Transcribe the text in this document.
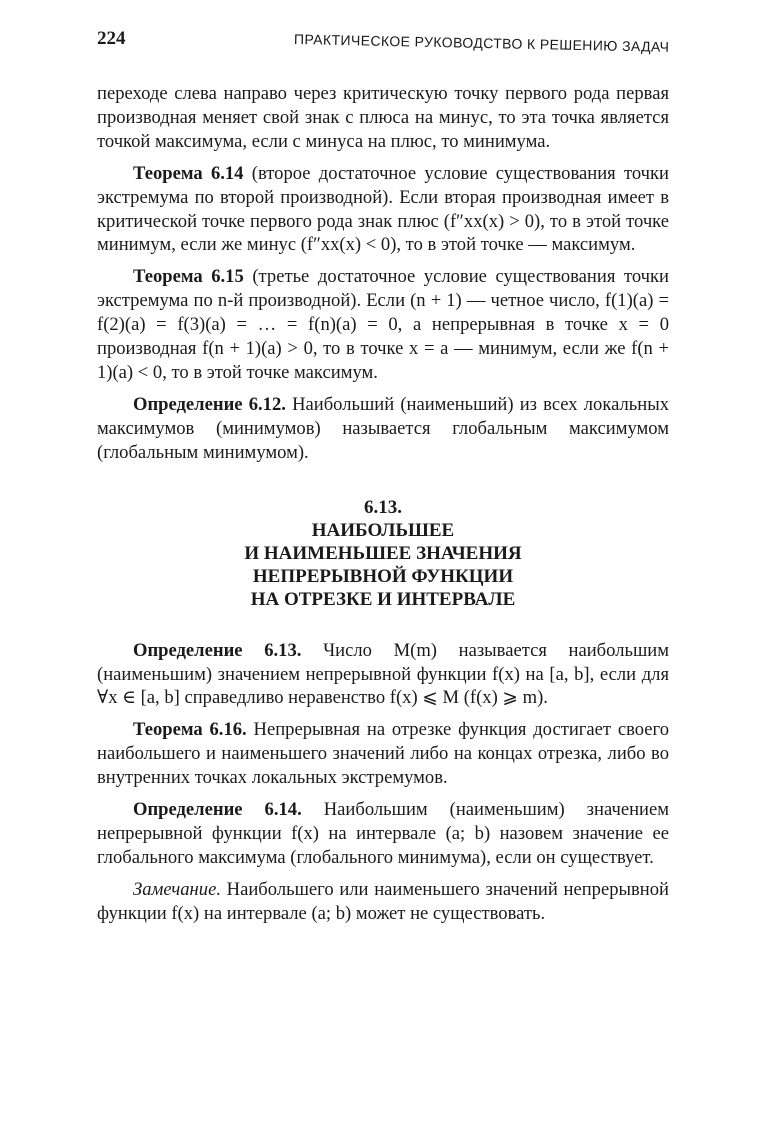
224	ПРАКТИЧЕСКОЕ РУКОВОДСТВО К РЕШЕНИЮ ЗАДАЧ

переходе слева направо через критическую точку первого рода первая производная меняет свой знак с плюса на минус, то эта точка является точкой максимума, если с минуса на плюс, то минимума.

Теорема 6.14 (второе достаточное условие существования точки экстремума по второй производной). Если вторая производная имеет в критической точке первого рода знак плюс (f″xx(x) > 0), то в этой точке минимум, если же минус (f″xx(x) < 0), то в этой точке — максимум.

Теорема 6.15 (третье достаточное условие существования точки экстремума по n-й производной). Если (n + 1) — четное число, f(1)(a) = f(2)(a) = f(3)(a) = … = f(n)(a) = 0, а непрерывная в точке x = 0 производная f(n + 1)(a) > 0, то в точке x = a — минимум, если же f(n + 1)(a) < 0, то в этой точке максимум.

Определение 6.12. Наибольший (наименьший) из всех локальных максимумов (минимумов) называется глобальным максимумом (глобальным минимумом).

6.13.
НАИБОЛЬШЕЕ
И НАИМЕНЬШЕЕ ЗНАЧЕНИЯ
НЕПРЕРЫВНОЙ ФУНКЦИИ
НА ОТРЕЗКЕ И ИНТЕРВАЛЕ

Определение 6.13. Число M(m) называется наибольшим (наименьшим) значением непрерывной функции f(x) на [a, b], если для ∀x ∈ [a, b] справедливо неравенство f(x) ⩽ M (f(x) ⩾ m).

Теорема 6.16. Непрерывная на отрезке функция достигает своего наибольшего и наименьшего значений либо на концах отрезка, либо во внутренних точках локальных экстремумов.

Определение 6.14. Наибольшим (наименьшим) значением непрерывной функции f(x) на интервале (a; b) назовем значение ее глобального максимума (глобального минимума), если он существует.

Замечание. Наибольшего или наименьшего значений непрерывной функции f(x) на интервале (a; b) может не существовать.
